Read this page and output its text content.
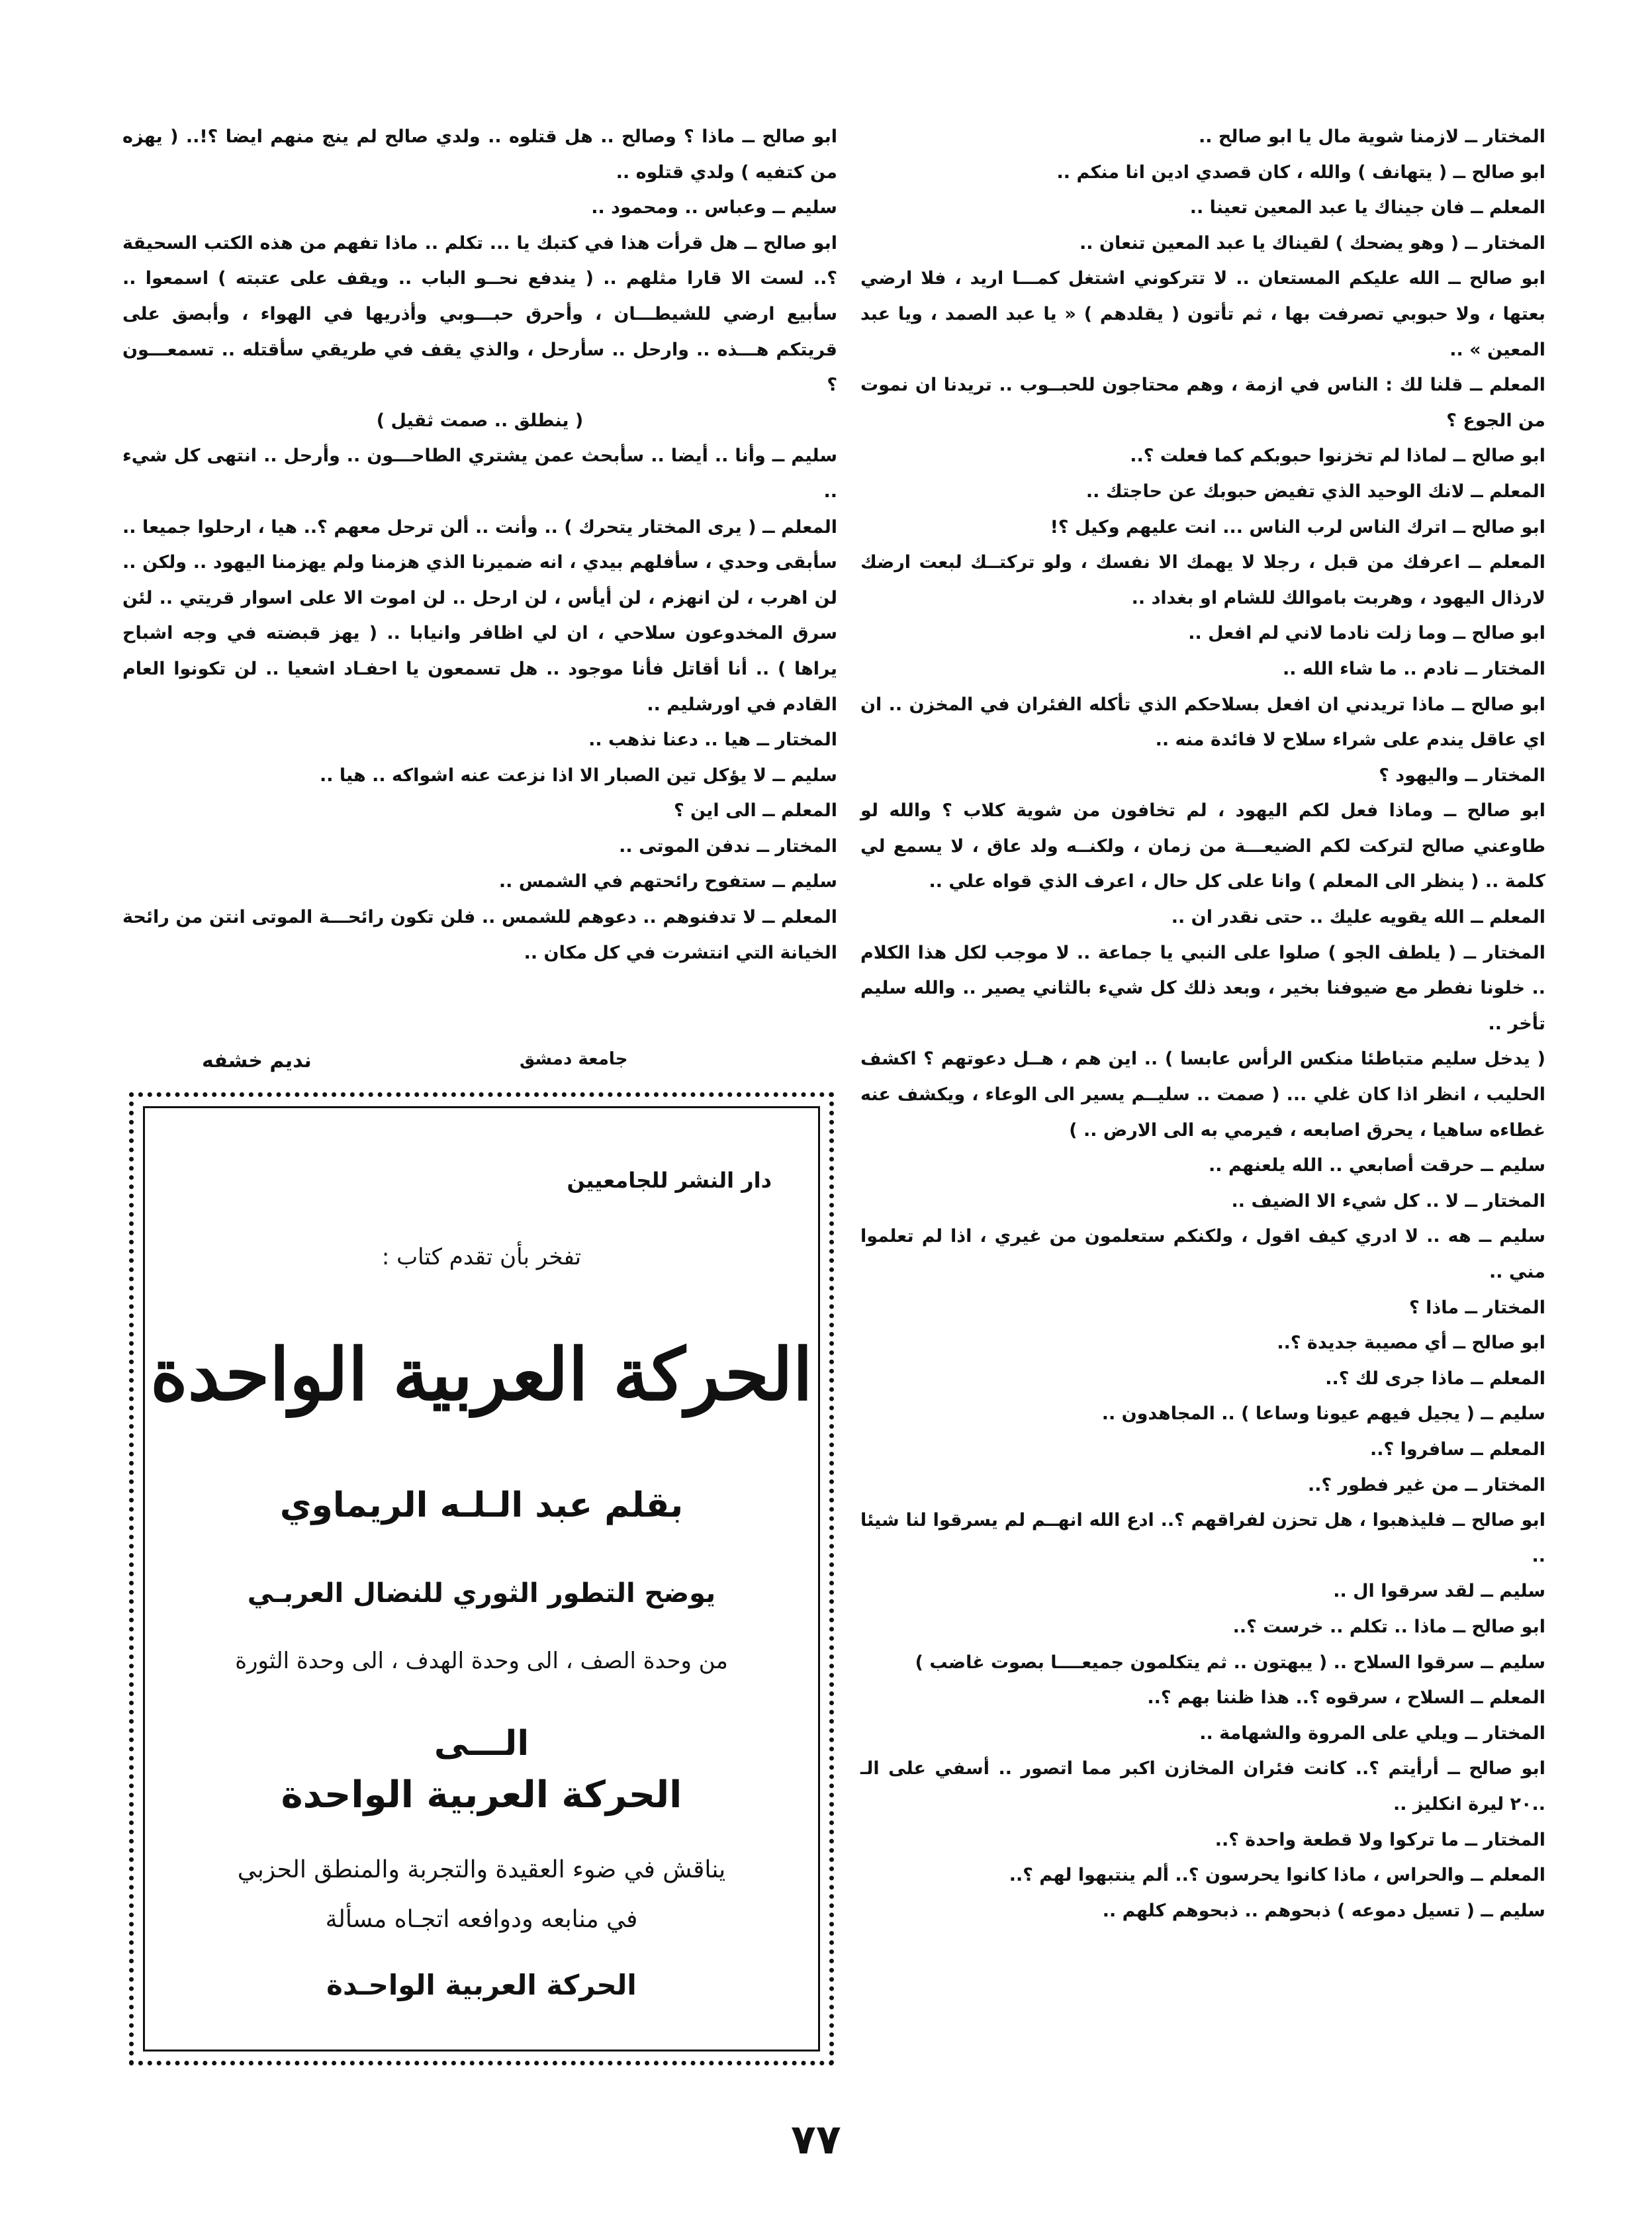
المختار ــ لازمنا شوية مال يا ابو صالح ..

ابو صالح ــ ( يتهانف ) والله ، كان قصدي ادين انا منكم ..

المعلم ــ فان جيناك يا عبد المعين تعينا ..

المختار ــ ( وهو يضحك ) لقيناك يا عبد المعين تنعان ..

ابو صالح ــ الله عليكم المستعان .. لا تتركوني اشتغل كمـــا اريد ، فلا ارضي بعتها ، ولا حبوبي تصرفت بها ، ثم تأتون ( يقلدهم ) « يا عبد الصمد ، ويا عبد المعين » ..

المعلم ــ قلنا لك : الناس في ازمة ، وهم محتاجون للحبــوب .. تريدنا ان نموت من الجوع ؟

ابو صالح ــ لماذا لم تخزنوا حبوبكم كما فعلت ؟..

المعلم ــ لانك الوحيد الذي تفيض حبوبك عن حاجتك ..

ابو صالح ــ اترك الناس لرب الناس ... انت عليهم وكيل ؟!

المعلم ــ اعرفك من قبل ، رجلا لا يهمك الا نفسك ، ولو تركتــك لبعت ارضك لارذال اليهود ، وهربت باموالك للشام او بغداد ..

ابو صالح ــ وما زلت نادما لاني لم افعل ..

المختار ــ نادم .. ما شاء الله ..

ابو صالح ــ ماذا تريدني ان افعل بسلاحكم الذي تأكله الفئران في المخزن .. ان اي عاقل يندم على شراء سلاح لا فائدة منه ..

المختار ــ واليهود ؟

ابو صالح ــ وماذا فعل لكم اليهود ، لم تخافون من شوية كلاب ؟ والله لو طاوعني صالح لتركت لكم الضيعـــة من زمان ، ولكنــه ولد عاق ، لا يسمع لي كلمة .. ( ينظر الى المعلم ) وانا على كل حال ، اعرف الذي قواه علي ..

المعلم ــ الله يقويه عليك .. حتى نقدر ان ..

المختار ــ ( يلطف الجو ) صلوا على النبي يا جماعة .. لا موجب لكل هذا الكلام .. خلونا نفطر مع ضيوفنا بخير ، وبعد ذلك كل شيء بالثاني يصير .. والله سليم تأخر ..

( يدخل سليم متباطئا منكس الرأس عابسا ) .. اين هم ، هــل دعوتهم ؟ اكشف الحليب ، انظر اذا كان غلي ... ( صمت .. سليــم يسير الى الوعاء ، ويكشف عنه غطاءه ساهيا ، يحرق اصابعه ، فيرمي به الى الارض .. )

سليم ــ حرقت أصابعي .. الله يلعنهم ..

المختار ــ لا .. كل شيء الا الضيف ..

سليم ــ هه .. لا ادري كيف اقول ، ولكنكم ستعلمون من غيري ، اذا لم تعلموا مني ..

المختار ــ ماذا ؟

ابو صالح ــ أي مصيبة جديدة ؟..

المعلم ــ ماذا جرى لك ؟..

سليم ــ ( يجيل فيهم عيونا وساعا ) .. المجاهدون ..

المعلم ــ سافروا ؟..

المختار ــ من غير فطور ؟..

ابو صالح ــ فليذهبوا ، هل تحزن لفراقهم ؟.. ادع الله انهــم لم يسرقوا لنا شيئا ..

سليم ــ لقد سرقوا ال ..

ابو صالح ــ ماذا .. تكلم .. خرست ؟..

سليم ــ سرقوا السلاح .. ( يبهتون .. ثم يتكلمون جميعــــا بصوت غاضب )

المعلم ــ السلاح ، سرقوه ؟.. هذا ظننا بهم ؟..

المختار ــ ويلي على المروة والشهامة ..

ابو صالح ــ أرأيتم ؟.. كانت فئران المخازن اكبر مما اتصور .. أسفي على الـ ..٢٠ ليرة انكليز ..

المختار ــ ما تركوا ولا قطعة واحدة ؟..

المعلم ــ والحراس ، ماذا كانوا يحرسون ؟.. ألم ينتبهوا لهم ؟..

سليم ــ ( تسيل دموعه ) ذبحوهم .. ذبحوهم كلهم ..

ابو صالح ــ ماذا ؟ وصالح .. هل قتلوه .. ولدي صالح لم ينج منهم ايضا ؟!.. ( يهزه من كتفيه ) ولدي قتلوه ..

سليم ــ وعباس .. ومحمود ..

ابو صالح ــ هل قرأت هذا في كتبك يا ... تكلم .. ماذا تفهم من هذه الكتب السحيقة ؟.. لست الا قارا مثلهم .. ( يندفع نحــو الباب .. ويقف على عتبته ) اسمعوا .. سأبيع ارضي للشيطـــان ، وأحرق حبـــوبي وأذريها في الهواء ، وأبصق على قريتكم هـــذه .. وارحل .. سأرحل ، والذي يقف في طريقي سأقتله .. تسمعـــون ؟

( ينطلق .. صمت ثقيل )

سليم ــ وأنا .. أيضا .. سأبحث عمن يشتري الطاحـــون .. وأرحل .. انتهى كل شيء ..

المعلم ــ ( يرى المختار يتحرك ) .. وأنت .. ألن ترحل معهم ؟.. هيا ، ارحلوا جميعا .. سأبقى وحدي ، سأفلهم بيدي ، انه ضميرنا الذي هزمنا ولم يهزمنا اليهود .. ولكن .. لن اهرب ، لن انهزم ، لن أيأس ، لن ارحل .. لن اموت الا على اسوار قريتي .. لئن سرق المخدوعون سلاحي ، ان لي اظافر وانيابا .. ( يهز قبضته في وجه اشباح يراها ) .. أنا أقاتل فأنا موجود .. هل تسمعون يا احفـاد اشعيا .. لن تكونوا العام القادم في اورشليم ..

المختار ــ هيا .. دعنا نذهب ..

سليم ــ لا يؤكل تين الصبار الا اذا نزعت عنه اشواكه .. هيا ..

المعلم ــ الى اين ؟

المختار ــ ندفن الموتى ..

سليم ــ ستفوح رائحتهم في الشمس ..

المعلم ــ لا تدفنوهم .. دعوهم للشمس .. فلن تكون رائحـــة الموتى انتن من رائحة الخيانة التي انتشرت في كل مكان ..

جامعة دمشق
نديم خشفه
دار النشر للجامعيين
تفخر بأن تقدم كتاب :
الحركة العربية الواحدة
بقلم عبد الـلـه الريماوي
يوضح التطور الثوري للنضال العربـي
من وحدة الصف ، الى وحدة الهدف ، الى وحدة الثورة
الـــى
الحركة العربية الواحدة
يناقش في ضوء العقيدة والتجربة والمنطق الحزبي
في منابعه ودوافعه اتجـاه مسألة
الحركة العربية الواحـدة
٧٧
